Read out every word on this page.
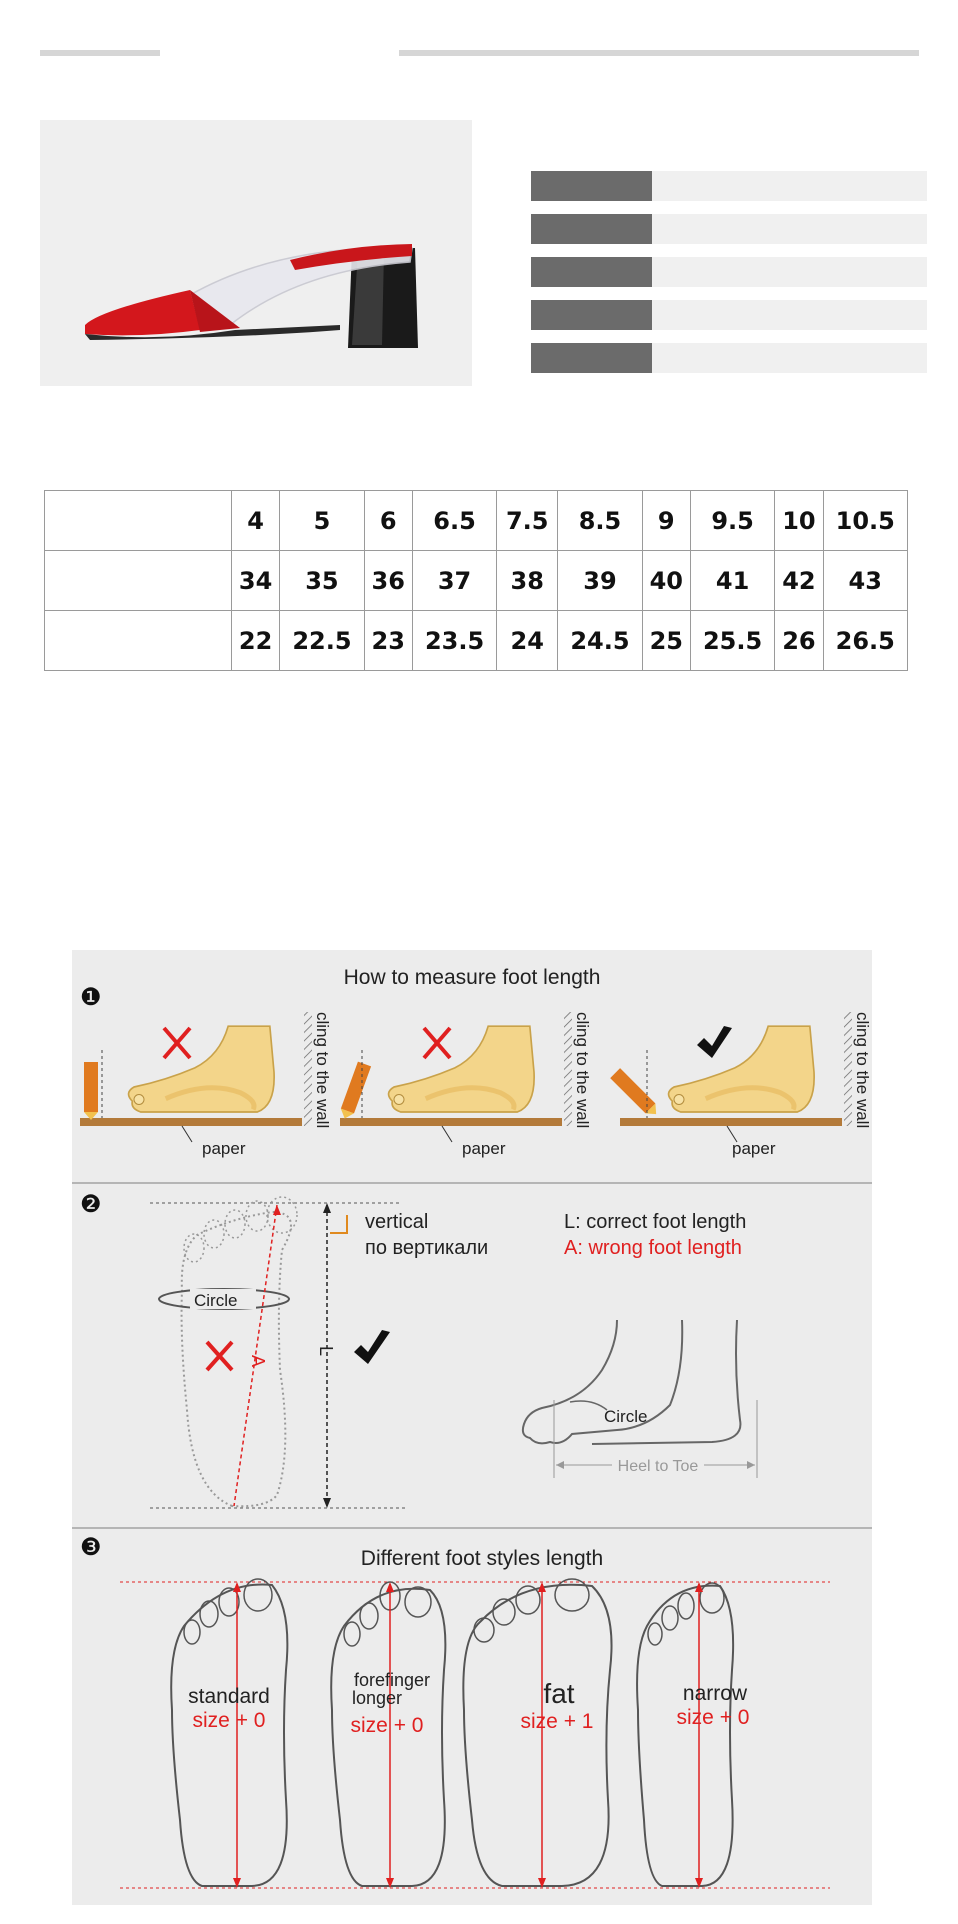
	4	5	6	6.5	7.5	8.5	9	9.5	10	10.5
	34	35	36	37	38	39	40	41	42	43
	22	22.5	23	23.5	24	24.5	25	25.5	26	26.5
❶
How to measure foot length
paper
cling to the wall
paper
cling to the wall
paper
cling to the wall
❷
Circle
A
L
vertical
по вертикали
L: correct foot length
A: wrong foot length
Circle
Heel to Toe
❸	Different foot styles length
standard
size + 0
forefinger
longer
size + 0
fat
size + 1
narrow
size + 0
